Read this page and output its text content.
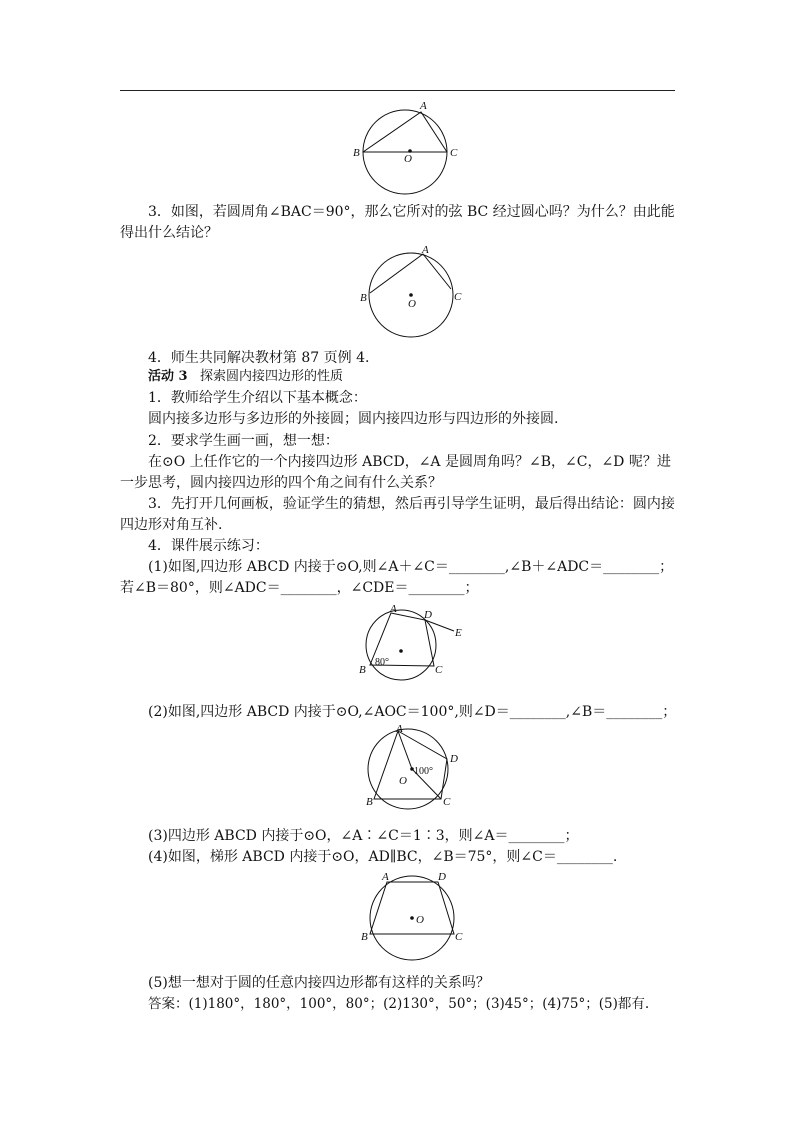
A
B	C
O
3．如图，若圆周角∠BAC＝90°，那么它所对的弦 BC 经过圆心吗？为什么？由此能
得出什么结论？
A
B	C
O
4．师生共同解决教材第 87 页例 4.
活动 3 探索圆内接四边形的性质
1．教师给学生介绍以下基本概念：
圆内接多边形与多边形的外接圆；圆内接四边形与四边形的外接圆.
2．要求学生画一画，想一想：
在⊙O 上任作它的一个内接四边形 ABCD，∠A 是圆周角吗？∠B，∠C，∠D 呢？进
一步思考，圆内接四边形的四个角之间有什么关系？
3．先打开几何画板，验证学生的猜想，然后再引导学生证明，最后得出结论：圆内接
四边形对角互补.
4．课件展示练习：
(1)如图,四边形 ABCD 内接于⊙O,则∠A＋∠C＝________,∠B＋∠ADC＝________；
若∠B＝80°，则∠ADC＝________，∠CDE＝________；
A D
E
B	C
80°
(2)如图,四边形 ABCD 内接于⊙O,∠AOC＝100°,则∠D＝________,∠B＝________；
A
D
B	C
O
100°
(3)四边形 ABCD 内接于⊙O，∠A∶∠C＝1∶3，则∠A＝________；
(4)如图，梯形 ABCD 内接于⊙O，AD∥BC，∠B＝75°，则∠C＝________.
A	D
B	C
O
(5)想一想对于圆的任意内接四边形都有这样的关系吗？
答案：(1)180°，180°，100°，80°；(2)130°，50°；(3)45°；(4)75°；(5)都有.
